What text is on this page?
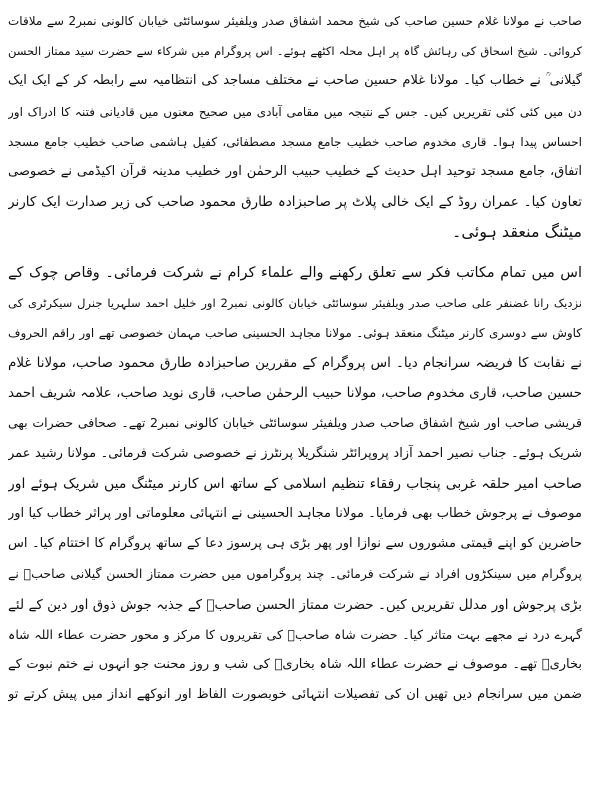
صاحب نے مولانا غلام حسین صاحب کی شیخ محمد اشفاق صدر ویلفیئر سوسائٹی خیابان کالونی نمبر2 سے ملاقات
کروائی۔ شیخ اسحاق کی رہائش گاہ پر اہل محلہ اکٹھے ہوئے۔ اس پروگرام میں شرکاء سے حضرت سید ممتاز الحسن
گیلانی ؒ نے خطاب کیا۔ مولانا غلام حسین صاحب نے مختلف مساجد کی انتظامیہ سے رابطہ کر کے ایک ایک
دن میں کئی کئی تقریریں کیں۔ جس کے نتیجہ میں مقامی آبادی میں صحیح معنوں میں قادیانی فتنہ کا ادراک اور
احساس پیدا ہوا۔ قاری مخدوم صاحب خطیب جامع مسجد مصطفائی، کفیل ہاشمی صاحب خطیب جامع مسجد
اتفاق، جامع مسجد توحید اہل حدیث کے خطیب حبیب الرحمٰن اور خطیب مدینہ قرآن اکیڈمی نے خصوصی
تعاون کیا۔ عمران روڈ کے ایک خالی پلاٹ پر صاحبزادہ طارق محمود صاحب کی زیر صدارت ایک کارنر
میٹنگ منعقد ہوئی۔
اس میں تمام مکاتب فکر سے تعلق رکھنے والے علماء کرام نے شرکت فرمائی۔ وقاص چوک کے
نزدیک رانا غضنفر علی صاحب صدر ویلفیئر سوسائٹی خیابان کالونی نمبر2 اور خلیل احمد سلہریا جنرل سیکرٹری کی
کاوش سے دوسری کارنر میٹنگ منعقد ہوئی۔ مولانا مجاہد الحسینی صاحب مہمان خصوصی تھے اور راقم الحروف
نے نقابت کا فریضہ سرانجام دیا۔ اس پروگرام کے مقررین صاحبزادہ طارق محمود صاحب، مولانا غلام
حسین صاحب، قاری مخدوم صاحب، مولانا حبیب الرحمٰن صاحب، قاری نوید صاحب، علامہ شریف احمد
قریشی صاحب اور شیخ اشفاق صاحب صدر ویلفیئر سوسائٹی خیابان کالونی نمبر2 تھے۔ صحافی حضرات بھی
شریک ہوئے۔ جناب نصیر احمد آزاد پروپرائٹر شنگریلا پرنٹرز نے خصوصی شرکت فرمائی۔ مولانا رشید عمر
صاحب امیر حلقہ غربی پنجاب رفقاء تنظیم اسلامی کے ساتھ اس کارنر میٹنگ میں شریک ہوئے اور
موصوف نے پرجوش خطاب بھی فرمایا۔ مولانا مجاہد الحسینی نے انتہائی معلوماتی اور پراثر خطاب کیا اور
حاضرین کو اپنے قیمتی مشوروں سے نوازا اور پھر بڑی ہی پرسوز دعا کے ساتھ پروگرام کا اختتام کیا۔ اس
پروگرام میں سینکڑوں افراد نے شرکت فرمائی۔ چند پروگراموں میں حضرت ممتاز الحسن گیلانی صاحبؒ نے
بڑی پرجوش اور مدلل تقریریں کیں۔ حضرت ممتاز الحسن صاحبؒ کے جذبہ جوش ذوق اور دین کے لئے
گہرے درد نے مجھے بہت متاثر کیا۔ حضرت شاہ صاحبؒ کی تقریروں کا مرکز و محور حضرت عطاء اللہ شاہ
بخاریؒ تھے۔ موصوف نے حضرت عطاء اللہ شاہ بخاریؒ کی شب و روز محنت جو انہوں نے ختم نبوت کے
ضمن میں سرانجام دیں تھیں ان کی تفصیلات انتہائی خوبصورت الفاظ اور انوکھے انداز میں پیش کرتے تو
